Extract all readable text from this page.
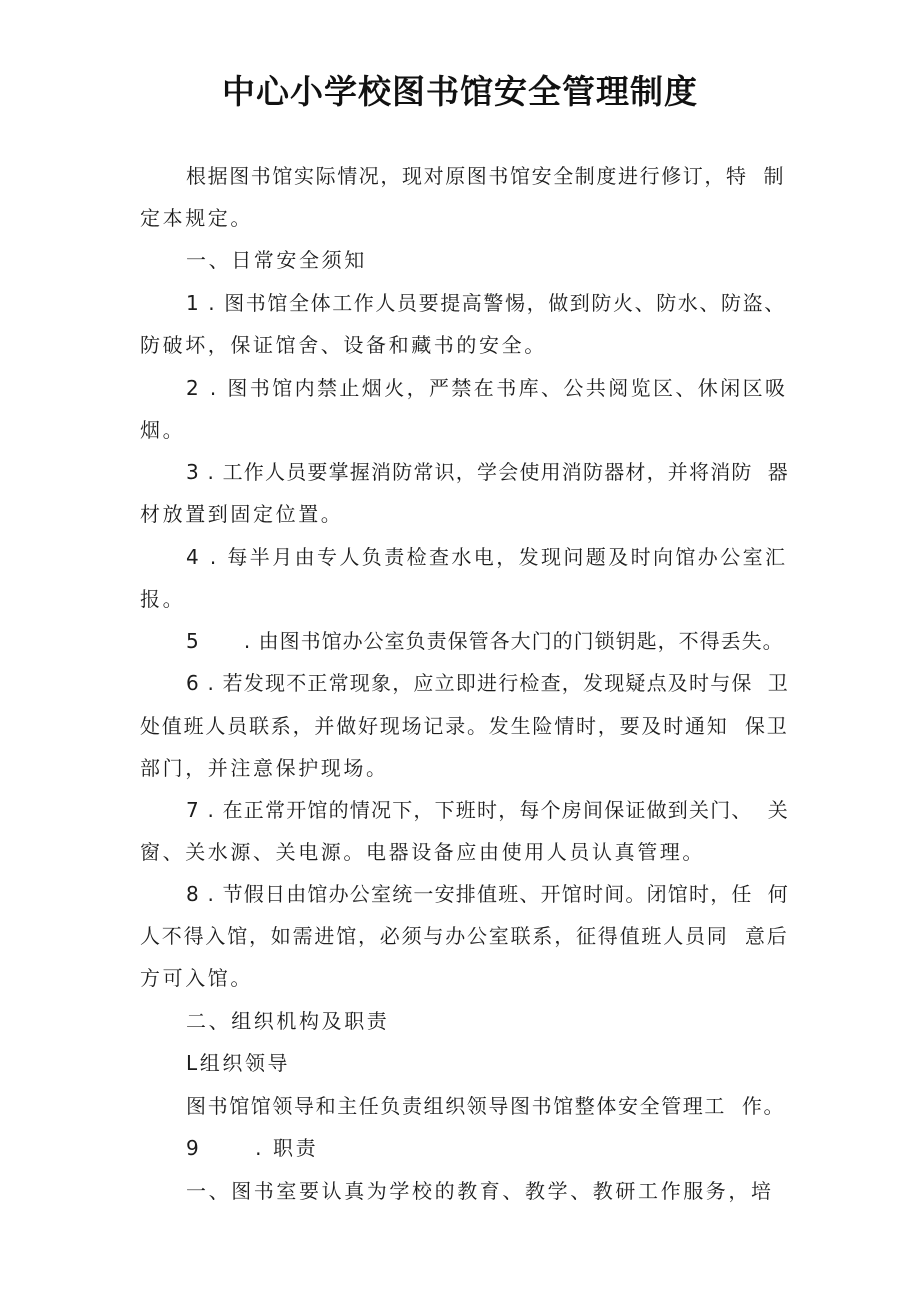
中心小学校图书馆安全管理制度
根据图书馆实际情况，现对原图书馆安全制度进行修订，特  制
定本规定。
一、日常安全须知
1 . 图书馆全体工作人员要提高警惕，做到防火、防水、防盗、
防破坏，保证馆舍、设备和藏书的安全。
2 . 图书馆内禁止烟火，严禁在书库、公共阅览区、休闲区吸
烟。
3 . 工作人员要掌握消防常识，学会使用消防器材，并将消防  器
材放置到固定位置。
4 . 每半月由专人负责检查水电，发现问题及时向馆办公室汇
报。
5      . 由图书馆办公室负责保管各大门的门锁钥匙，不得丢失。
6 . 若发现不正常现象，应立即进行检查，发现疑点及时与保  卫
处值班人员联系，并做好现场记录。发生险情时，要及时通知  保卫
部门，并注意保护现场。
7 . 在正常开馆的情况下，下班时，每个房间保证做到关门、  关
窗、关水源、关电源。电器设备应由使用人员认真管理。
8 . 节假日由馆办公室统一安排值班、开馆时间。闭馆时，任  何
人不得入馆，如需进馆，必须与办公室联系，征得值班人员同  意后
方可入馆。
二、组织机构及职责
L组织领导
图书馆馆领导和主任负责组织领导图书馆整体安全管理工  作。
9      . 职责
一、图书室要认真为学校的教育、教学、教研工作服务，培
